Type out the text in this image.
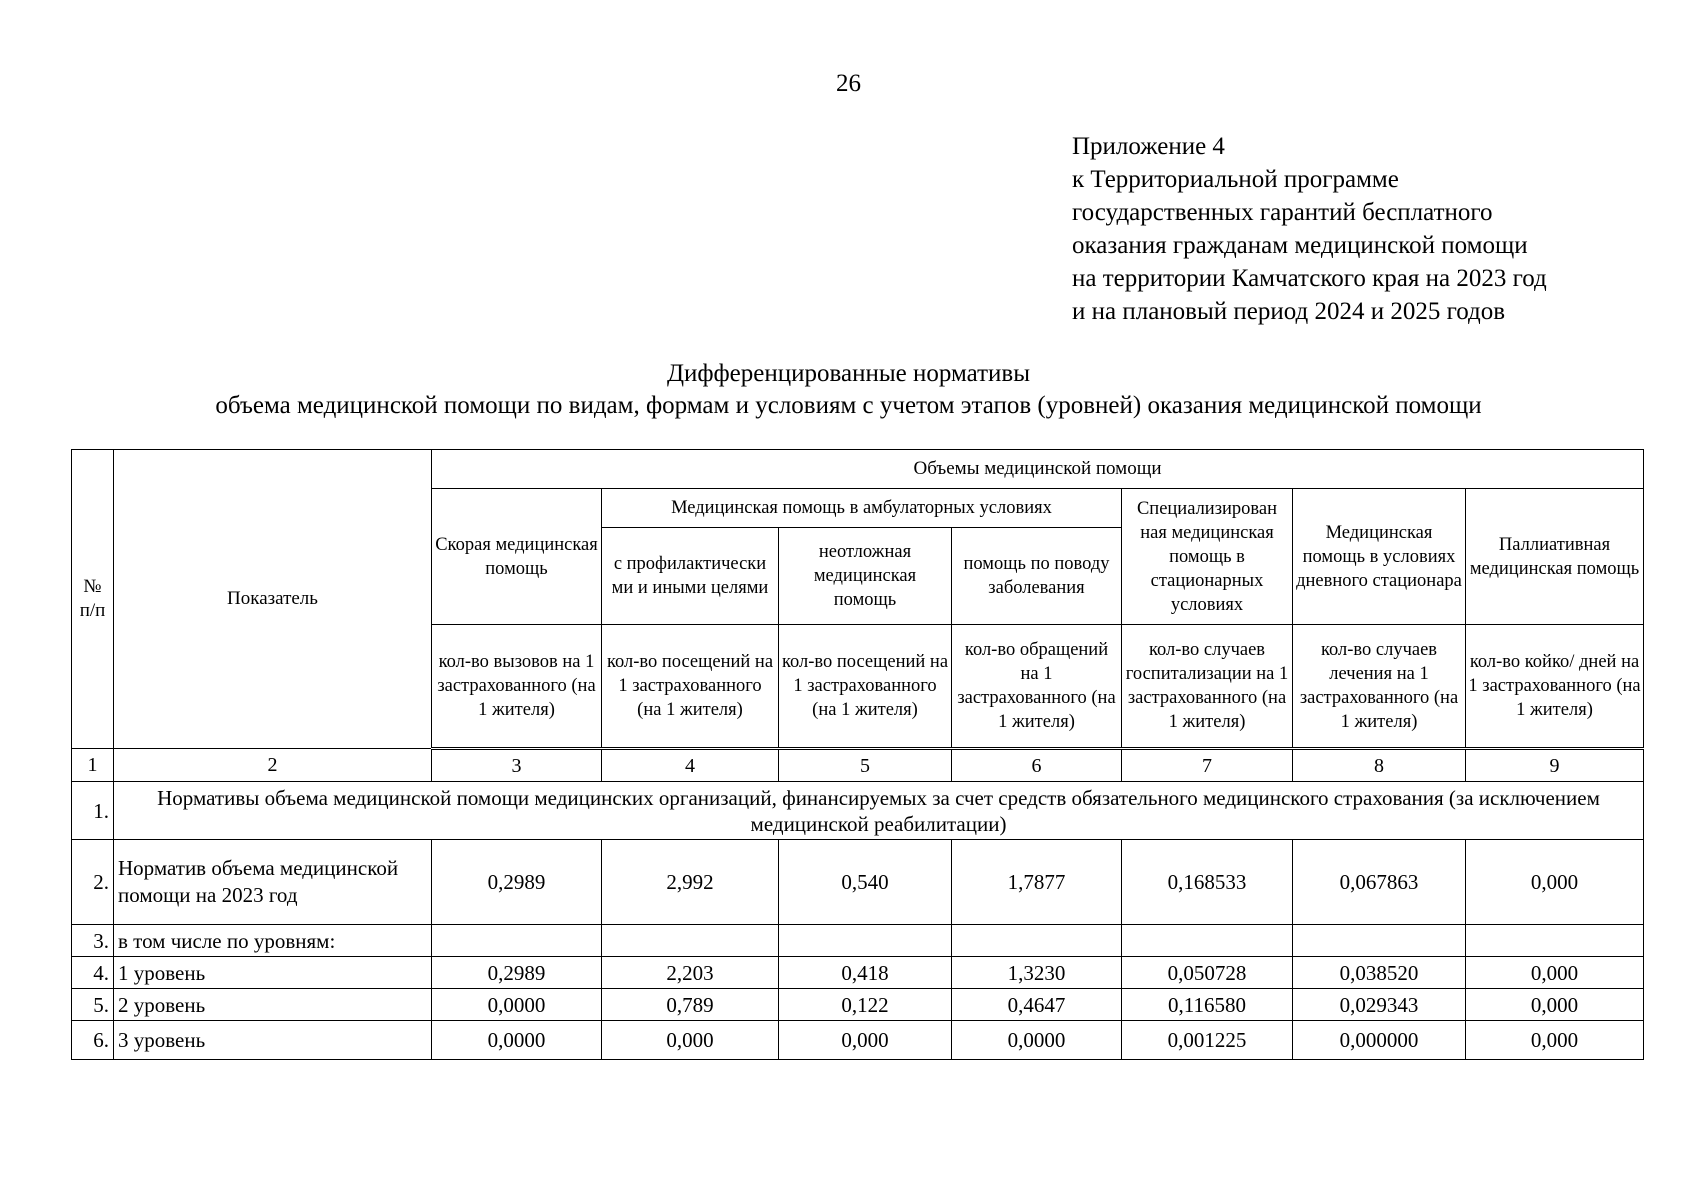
26
Приложение 4
к Территориальной программе
государственных гарантий бесплатного
оказания гражданам медицинской помощи
на территории Камчатского края на 2023 год
и на плановый период 2024 и 2025 годов
Дифференцированные нормативы
объема медицинской помощи по видам, формам и условиям с учетом этапов (уровней) оказания медицинской помощи
№ п/п	Показатель	Объемы медицинской помощи						
		Скорая медицинская помощь	Медицинская помощь в амбулаторных условиях			Специализирован ная медицинская помощь в стационарных условиях	Медицинская помощь в условиях дневного стационара	Паллиативная медицинская помощь
			с профилактически ми и иными целями	неотложная медицинская помощь	помощь по поводу заболевания			
		кол-во вызовов на 1 застрахованного (на 1 жителя)	кол-во посещений на 1 застрахованного (на 1 жителя)	кол-во посещений на 1 застрахованного (на 1 жителя)	кол-во обращений на 1 застрахованного (на 1 жителя)	кол-во случаев госпитализации на 1 застрахованного (на 1 жителя)	кол-во случаев лечения на 1 застрахованного (на 1 жителя)	кол-во койко/ дней на 1 застрахованного (на 1 жителя)
1	2	3	4	5	6	7	8	9
1.	Нормативы объема медицинской помощи медицинских организаций, финансируемых за счет средств обязательного медицинского страхования (за исключением медицинской реабилитации)							
2.	Норматив объема медицинской помощи на 2023 год	0,2989	2,992	0,540	1,7877	0,168533	0,067863	0,000
3.	в том числе по уровням:							
4.	1 уровень	0,2989	2,203	0,418	1,3230	0,050728	0,038520	0,000
5.	2 уровень	0,0000	0,789	0,122	0,4647	0,116580	0,029343	0,000
6.	3 уровень	0,0000	0,000	0,000	0,0000	0,001225	0,000000	0,000
